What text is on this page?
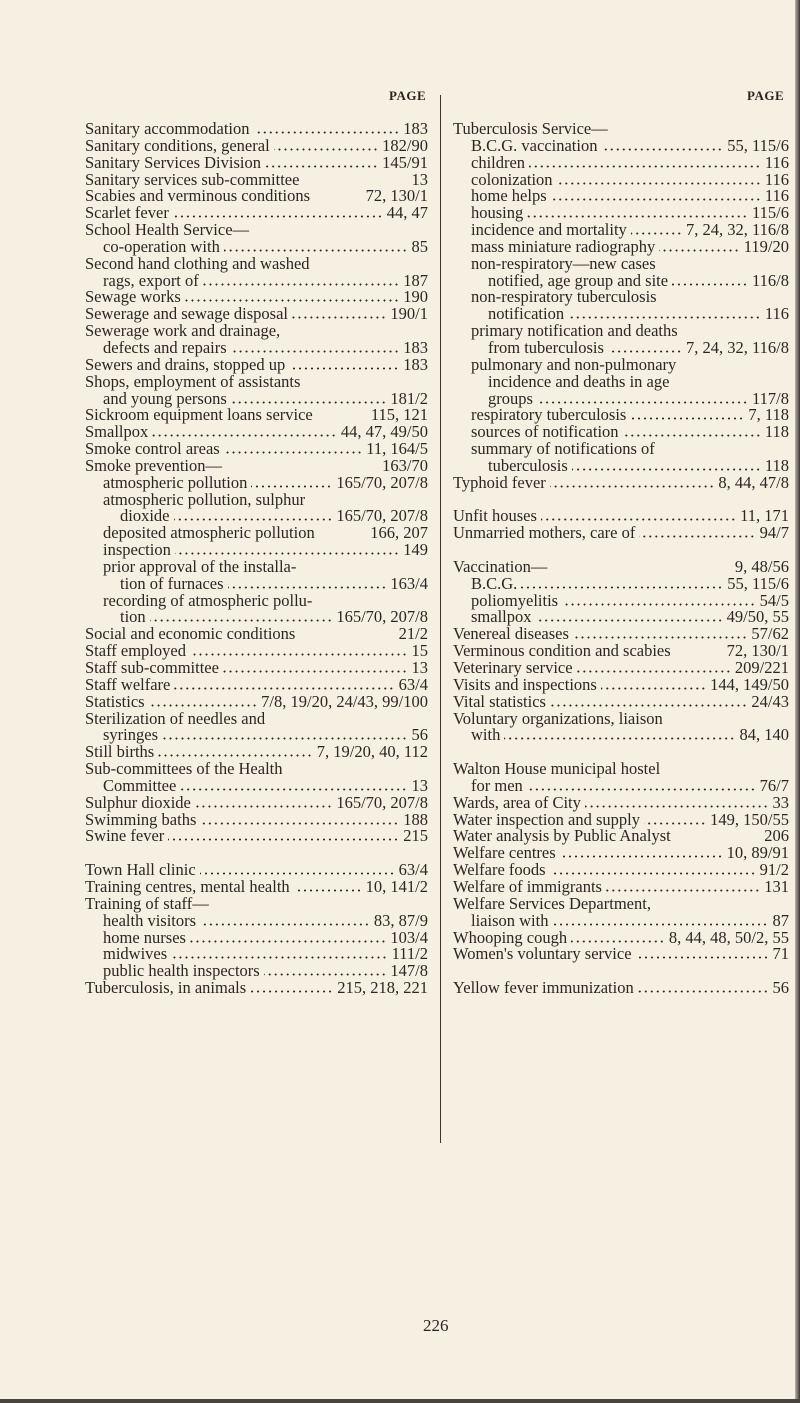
PAGE	PAGE
Sanitary accommodation	183
Sanitary conditions, general	182/90
Sanitary Services Division	145/91
Sanitary services sub-committee	13
Scabies and verminous conditions	72, 130/1
Scarlet fever	44, 47
School Health Service—
co-operation with	85
Second hand clothing and washed
rags, export of	187
Sewage works	190
Sewerage and sewage disposal	190/1
Sewerage work and drainage,
defects and repairs	183
Sewers and drains, stopped up	183
Shops, employment of assistants
and young persons	181/2
Sickroom equipment loans service	115, 121
Smallpox	44, 47, 49/50
Smoke control areas	11, 164/5
Smoke prevention—	163/70
atmospheric pollution	165/70, 207/8
atmospheric pollution, sulphur
dioxide	165/70, 207/8
deposited atmospheric pollution	166, 207
inspection	149
prior approval of the installa-
tion of furnaces	163/4
recording of atmospheric pollu-
tion	165/70, 207/8
Social and economic conditions	21/2
Staff employed	15
Staff sub-committee	13
Staff welfare	63/4
Statistics	7/8, 19/20, 24/43, 99/100
Sterilization of needles and
syringes	56
Still births	7, 19/20, 40, 112
Sub-committees of the Health
Committee	13
Sulphur dioxide	165/70, 207/8
Swimming baths	188
Swine fever	215
Town Hall clinic	63/4
Training centres, mental health	10, 141/2
Training of staff—
health visitors	83, 87/9
home nurses	103/4
midwives	111/2
public health inspectors	147/8
Tuberculosis, in animals	215, 218, 221
Tuberculosis Service—
B.C.G. vaccination	55, 115/6
children	116
colonization	116
home helps	116
housing	115/6
incidence and mortality	7, 24, 32, 116/8
mass miniature radiography	119/20
non-respiratory—new cases
notified, age group and site	116/8
non-respiratory tuberculosis
notification	116
primary notification and deaths
from tuberculosis	7, 24, 32, 116/8
pulmonary and non-pulmonary
incidence and deaths in age
groups	117/8
respiratory tuberculosis	7, 118
sources of notification	118
summary of notifications of
tuberculosis	118
Typhoid fever	8, 44, 47/8
Unfit houses	11, 171
Unmarried mothers, care of	94/7
Vaccination—	9, 48/56
B.C.G.	55, 115/6
poliomyelitis	54/5
smallpox	49/50, 55
Venereal diseases	57/62
Verminous condition and scabies	72, 130/1
Veterinary service	209/221
Visits and inspections	144, 149/50
Vital statistics	24/43
Voluntary organizations, liaison
with	84, 140
Walton House municipal hostel
for men	76/7
Wards, area of City	33
Water inspection and supply	149, 150/55
Water analysis by Public Analyst	206
Welfare centres	10, 89/91
Welfare foods	91/2
Welfare of immigrants	131
Welfare Services Department,
liaison with	87
Whooping cough	8, 44, 48, 50/2, 55
Women's voluntary service	71
Yellow fever immunization	56
226
